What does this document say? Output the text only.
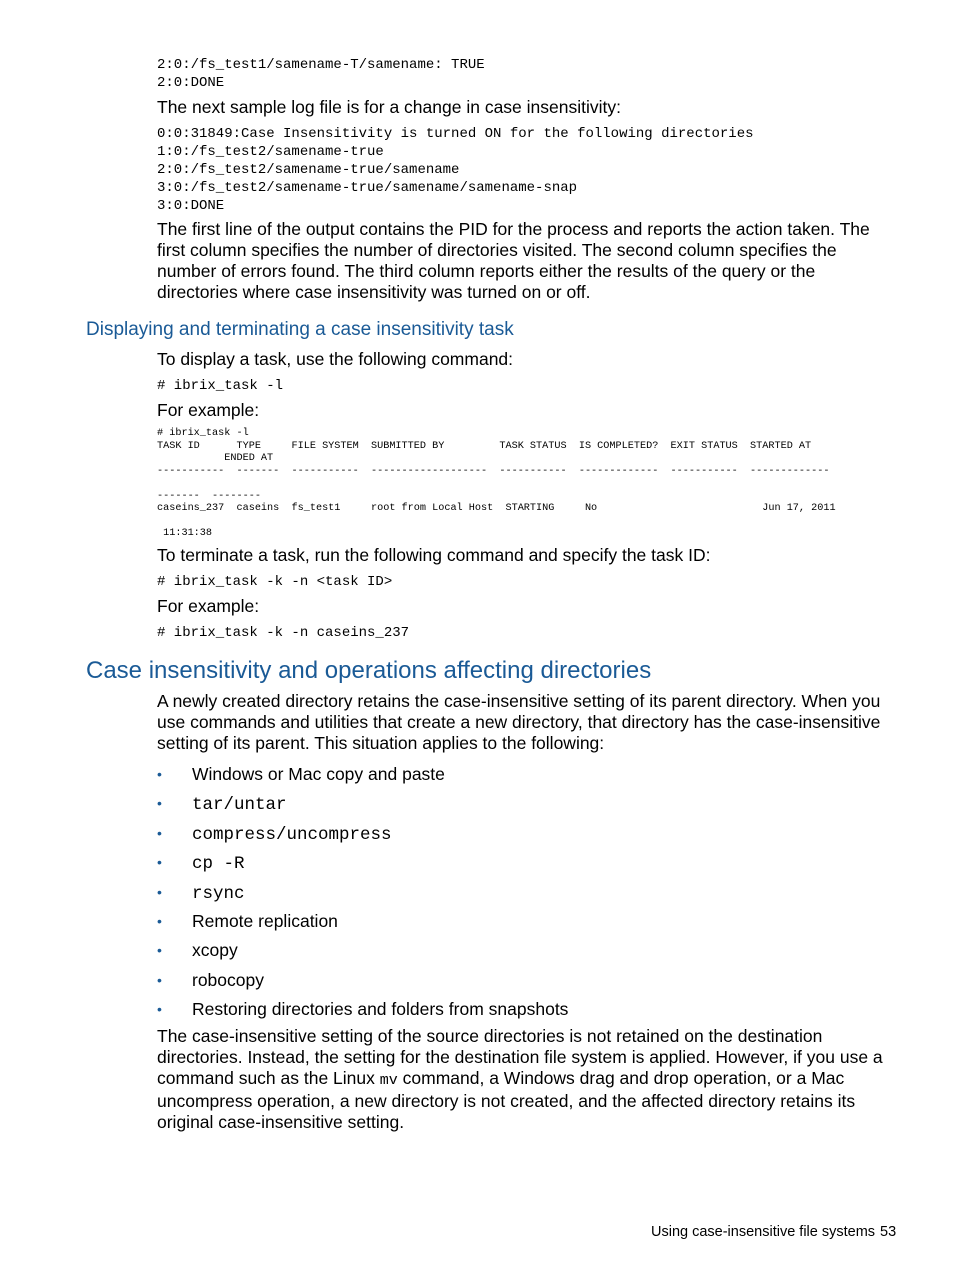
2:0:/fs_test1/samename-T/samename: TRUE
2:0:DONE

The next sample log file is for a change in case insensitivity:

0:0:31849:Case Insensitivity is turned ON for the following directories
1:0:/fs_test2/samename-true
2:0:/fs_test2/samename-true/samename
3:0:/fs_test2/samename-true/samename/samename-snap
3:0:DONE

The first line of the output contains the PID for the process and reports the action taken. The first column specifies the number of directories visited. The second column specifies the number of errors found. The third column reports either the results of the query or the directories where case insensitivity was turned on or off.

Displaying and terminating a case insensitivity task

To display a task, use the following command:

# ibrix_task -l

For example:

# ibrix_task -l
TASK ID      TYPE     FILE SYSTEM  SUBMITTED BY         TASK STATUS  IS COMPLETED?  EXIT STATUS  STARTED AT
ENDED AT
-----------  -------  -----------  -------------------  -----------  -------------  -----------  -------------

-------  --------
caseins_237  caseins  fs_test1     root from Local Host  STARTING     No                           Jun 17, 2011

11:31:38

To terminate a task, run the following command and specify the task ID:

# ibrix_task -k -n <task ID>

For example:

# ibrix_task -k -n caseins_237
Case insensitivity and operations affecting directories

A newly created directory retains the case-insensitive setting of its parent directory. When you use commands and utilities that create a new directory, that directory has the case-insensitive setting of its parent. This situation applies to the following:

• Windows or Mac copy and paste
• tar/untar
• compress/uncompress
• cp -R
• rsync
• Remote replication
• xcopy
• robocopy
• Restoring directories and folders from snapshots

The case-insensitive setting of the source directories is not retained on the destination directories. Instead, the setting for the destination file system is applied. However, if you use a command such as the Linux mv command, a Windows drag and drop operation, or a Mac uncompress operation, a new directory is not created, and the affected directory retains its original case-insensitive setting.

Using case-insensitive file systems 53
